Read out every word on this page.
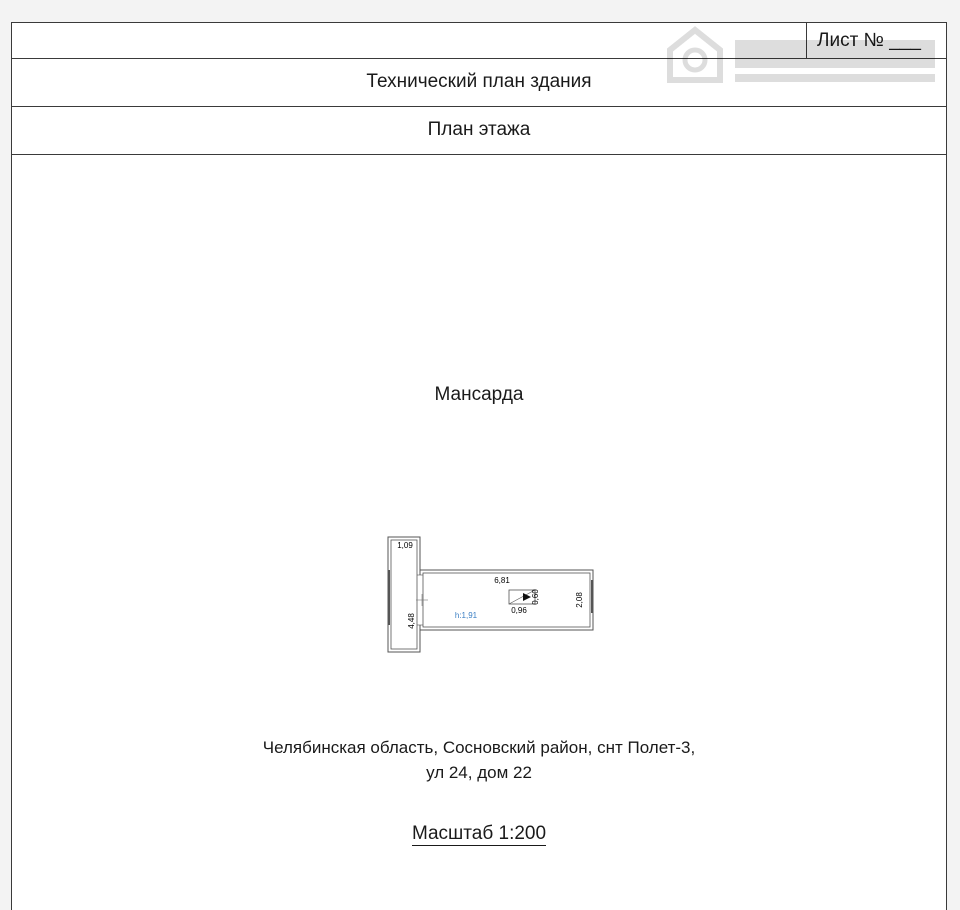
Лист № ___
Технический план здания
План этажа
Мансарда
1,09
4,48
6,81
2,08
0,96
0,60
h:1,91
Челябинская область, Сосновский район, снт Полет-3,
ул 24, дом 22
Масштаб 1:200
